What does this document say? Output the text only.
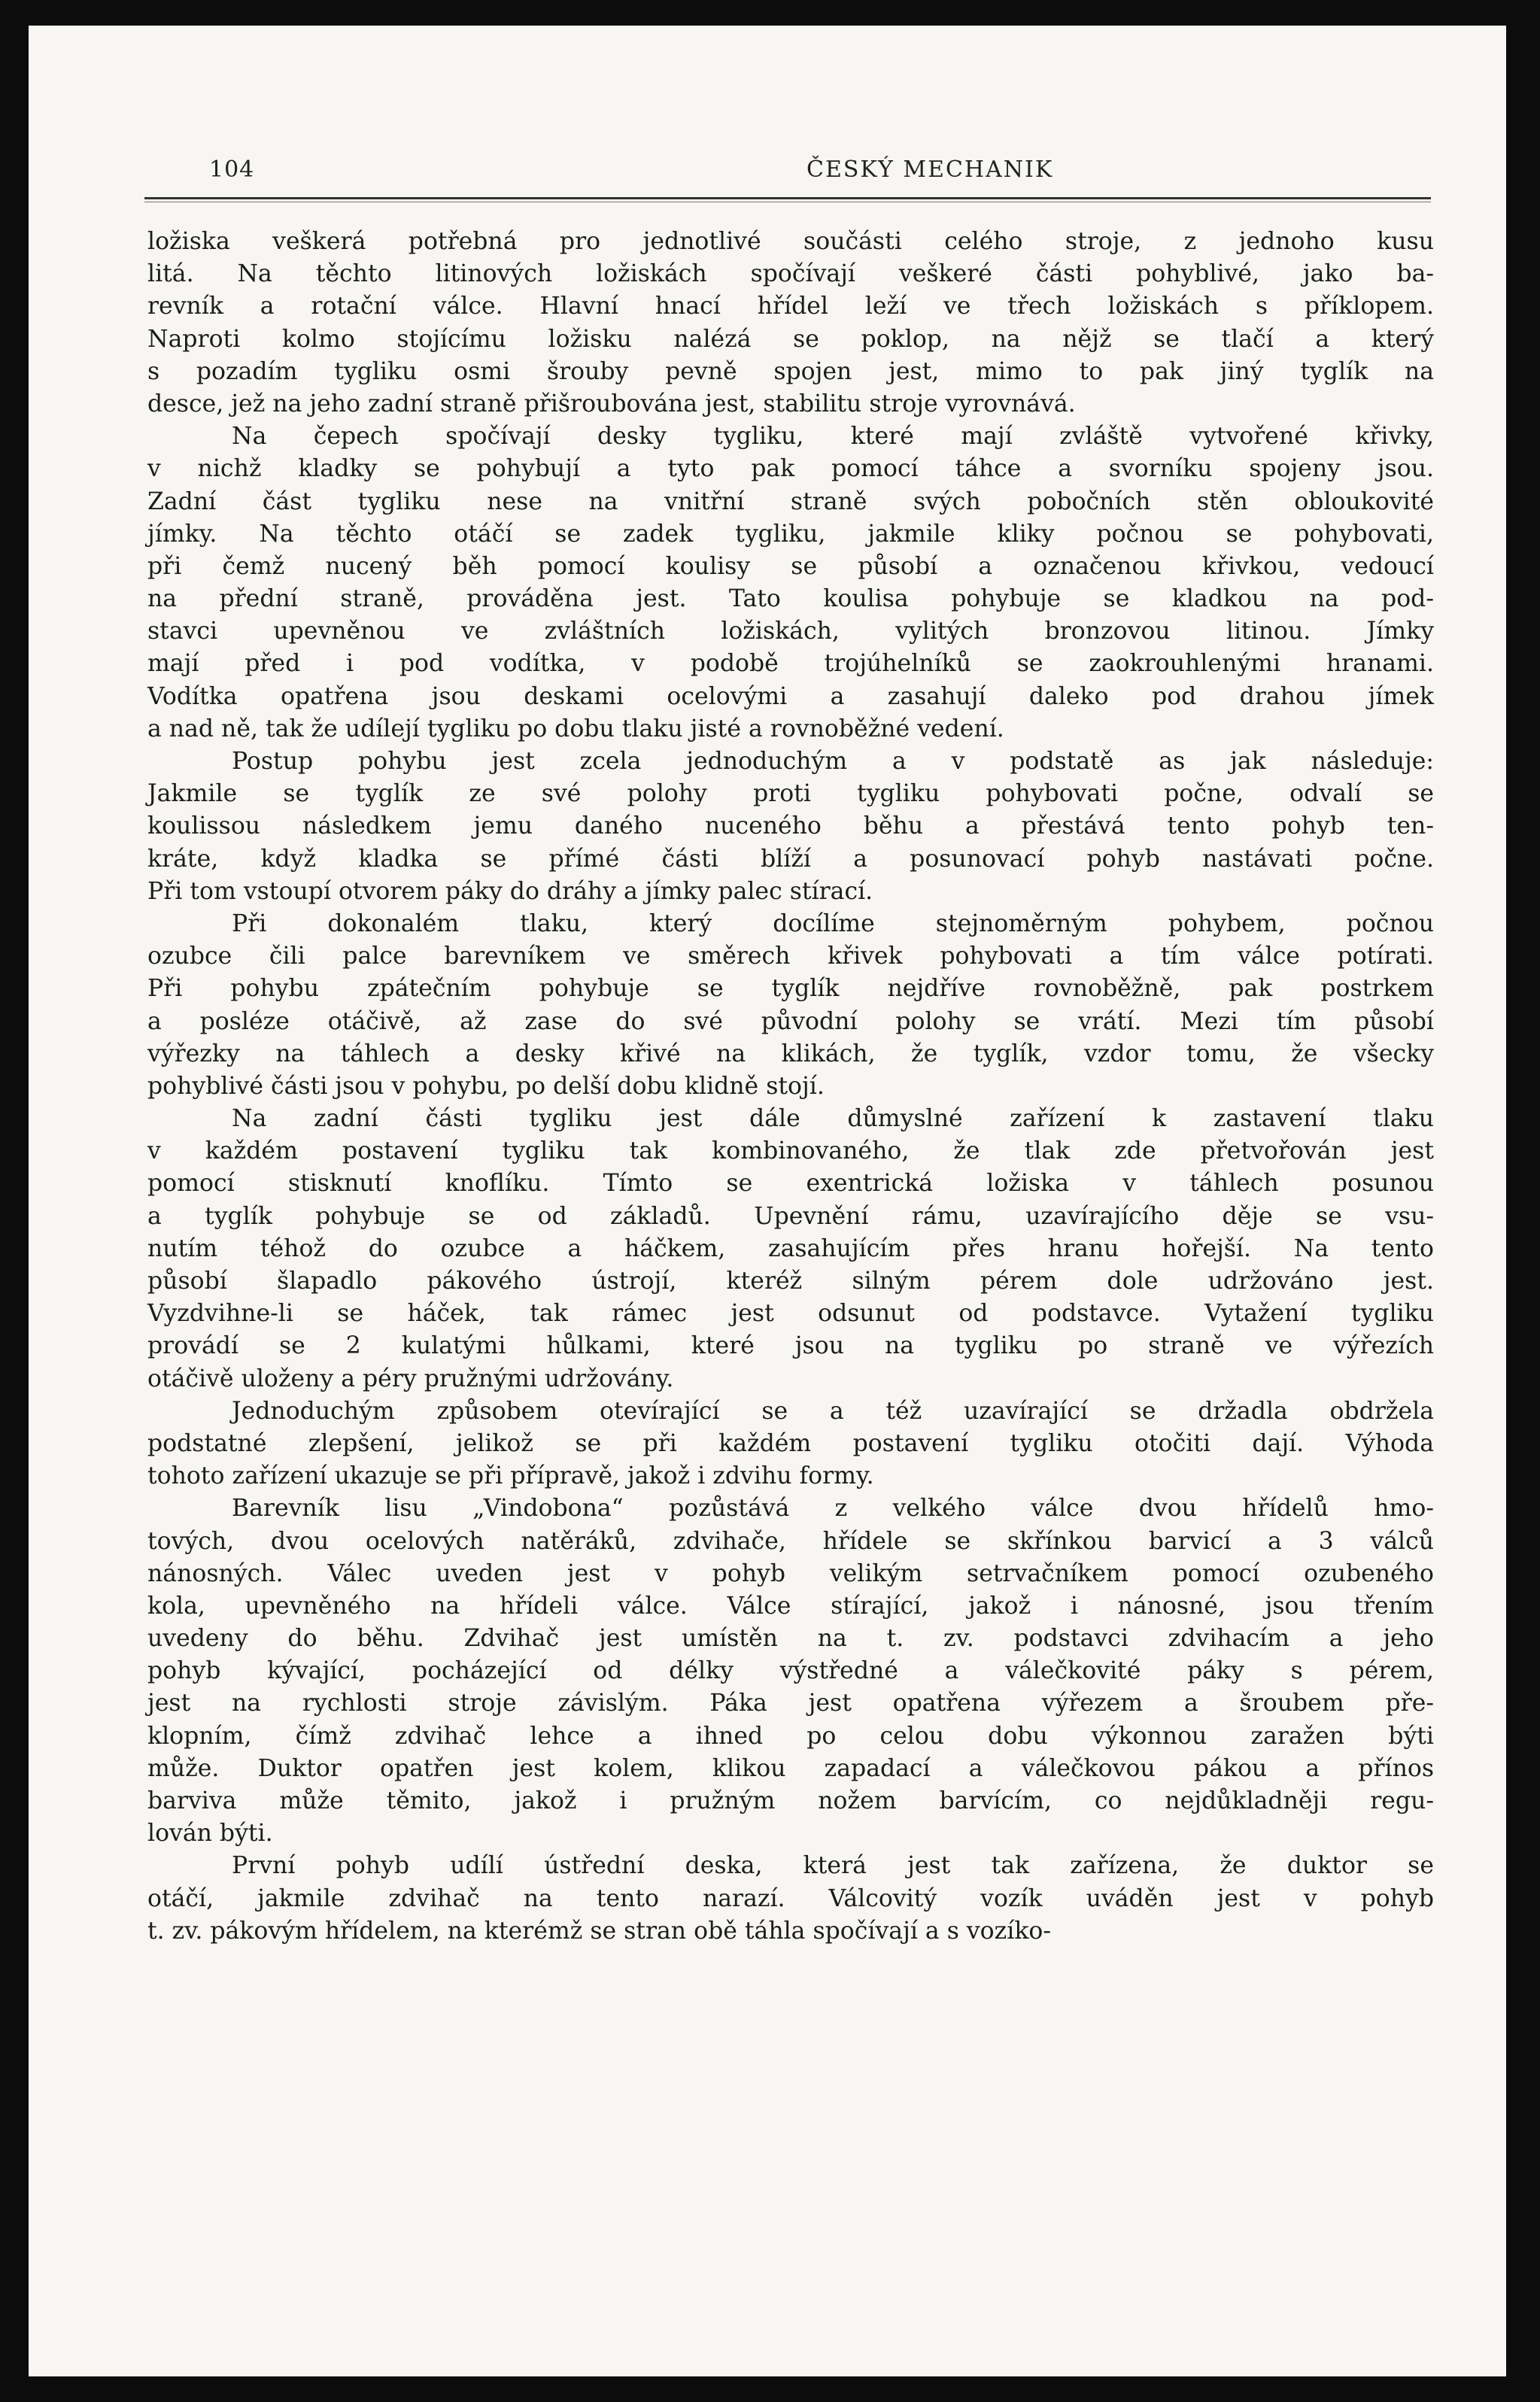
104	ČESKÝ MECHANIK
ložiska veškerá potřebná pro jednotlivé součásti celého stroje, z jednoho kusu
litá. Na těchto litinových ložiskách spočívají veškeré části pohyblivé, jako ba-
revník a rotační válce. Hlavní hnací hřídel leží ve třech ložiskách s příklopem.
Naproti kolmo stojícímu ložisku nalézá se poklop, na nějž se tlačí a který
s pozadím tygliku osmi šrouby pevně spojen jest, mimo to pak jiný tyglík na
desce, jež na jeho zadní straně přišroubována jest, stabilitu stroje vyrovnává.
Na čepech spočívají desky tygliku, které mají zvláště vytvořené křivky,
v nichž kladky se pohybují a tyto pak pomocí táhce a svorníku spojeny jsou.
Zadní část tygliku nese na vnitřní straně svých pobočních stěn obloukovité
jímky. Na těchto otáčí se zadek tygliku, jakmile kliky počnou se pohybovati,
při čemž nucený běh pomocí koulisy se působí a označenou křivkou, vedoucí
na přední straně, prováděna jest. Tato koulisa pohybuje se kladkou na pod-
stavci upevněnou ve zvláštních ložiskách, vylitých bronzovou litinou. Jímky
mají před i pod vodítka, v podobě trojúhelníků se zaokrouhlenými hranami.
Vodítka opatřena jsou deskami ocelovými a zasahují daleko pod drahou jímek
a nad ně, tak že udílejí tygliku po dobu tlaku jisté a rovnoběžné vedení.
Postup pohybu jest zcela jednoduchým a v podstatě as jak následuje:
Jakmile se tyglík ze své polohy proti tygliku pohybovati počne, odvalí se
koulissou následkem jemu daného nuceného běhu a přestává tento pohyb ten-
kráte, když kladka se přímé části blíží a posunovací pohyb nastávati počne.
Při tom vstoupí otvorem páky do dráhy a jímky palec stírací.
Při dokonalém tlaku, který docílíme stejnoměrným pohybem, počnou
ozubce čili palce barevníkem ve směrech křivek pohybovati a tím válce potírati.
Při pohybu zpátečním pohybuje se tyglík nejdříve rovnoběžně, pak postrkem
a posléze otáčivě, až zase do své původní polohy se vrátí. Mezi tím působí
výřezky na táhlech a desky křivé na klikách, že tyglík, vzdor tomu, že všecky
pohyblivé části jsou v pohybu, po delší dobu klidně stojí.
Na zadní části tygliku jest dále důmyslné zařízení k zastavení tlaku
v každém postavení tygliku tak kombinovaného, že tlak zde přetvořován jest
pomocí stisknutí knoflíku. Tímto se exentrická ložiska v táhlech posunou
a tyglík pohybuje se od základů. Upevnění rámu, uzavírajícího děje se vsu-
nutím téhož do ozubce a háčkem, zasahujícím přes hranu hořejší. Na tento
působí šlapadlo pákového ústrojí, kteréž silným pérem dole udržováno jest.
Vyzdvihne-li se háček, tak rámec jest odsunut od podstavce. Vytažení tygliku
provádí se 2 kulatými hůlkami, které jsou na tygliku po straně ve výřezích
otáčivě uloženy a péry pružnými udržovány.
Jednoduchým způsobem otevírající se a též uzavírající se držadla obdržela
podstatné zlepšení, jelikož se při každém postavení tygliku otočiti dají. Výhoda
tohoto zařízení ukazuje se při přípravě, jakož i zdvihu formy.
Barevník lisu „Vindobona“ pozůstává z velkého válce dvou hřídelů hmo-
tových, dvou ocelových natěráků, zdvihače, hřídele se skřínkou barvicí a 3 válců
nánosných. Válec uveden jest v pohyb velikým setrvačníkem pomocí ozubeného
kola, upevněného na hřídeli válce. Válce stírající, jakož i nánosné, jsou třením
uvedeny do běhu. Zdvihač jest umístěn na t. zv. podstavci zdvihacím a jeho
pohyb kývající, pocházející od délky výstředné a válečkovité páky s pérem,
jest na rychlosti stroje závislým. Páka jest opatřena výřezem a šroubem pře-
klopním, čímž zdvihač lehce a ihned po celou dobu výkonnou zaražen býti
může. Duktor opatřen jest kolem, klikou zapadací a válečkovou pákou a přínos
barviva může těmito, jakož i pružným nožem barvícím, co nejdůkladněji regu-
lován býti.
První pohyb udílí ústřední deska, která jest tak zařízena, že duktor se
otáčí, jakmile zdvihač na tento narazí. Válcovitý vozík uváděn jest v pohyb
t. zv. pákovým hřídelem, na kterémž se stran obě táhla spočívají a s vozíko-
